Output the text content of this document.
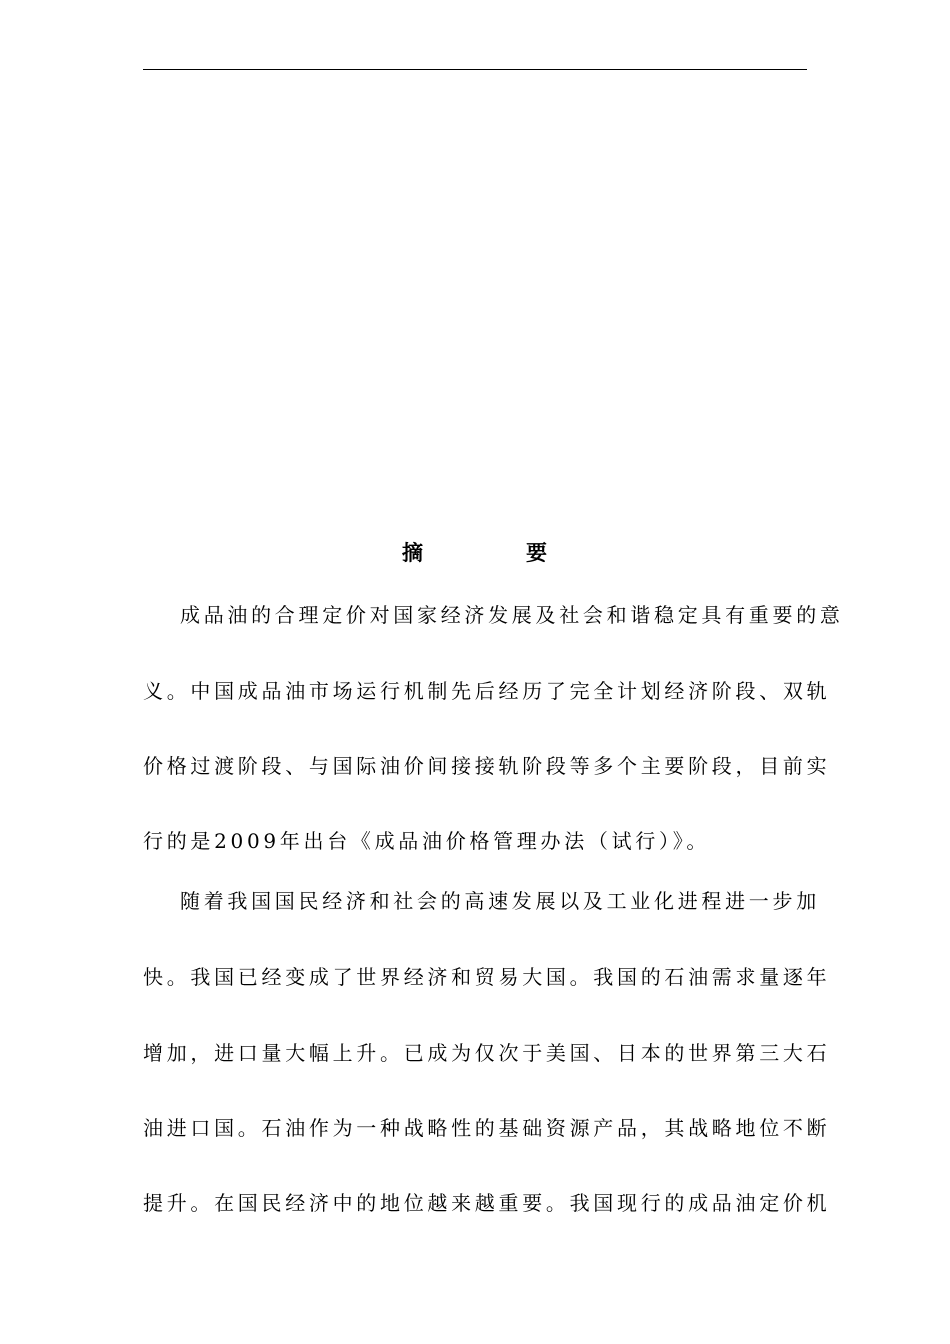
摘	要
成品油的合理定价对国家经济发展及社会和谐稳定具有重要的意
义。中国成品油市场运行机制先后经历了完全计划经济阶段、双轨
价格过渡阶段、与国际油价间接接轨阶段等多个主要阶段，目前实
行的是2009年出台《成品油价格管理办法（试行）》。
随着我国国民经济和社会的高速发展以及工业化进程进一步加
快。我国已经变成了世界经济和贸易大国。我国的石油需求量逐年
增加，进口量大幅上升。已成为仅次于美国、日本的世界第三大石
油进口国。石油作为一种战略性的基础资源产品，其战略地位不断
提升。在国民经济中的地位越来越重要。我国现行的成品油定价机
